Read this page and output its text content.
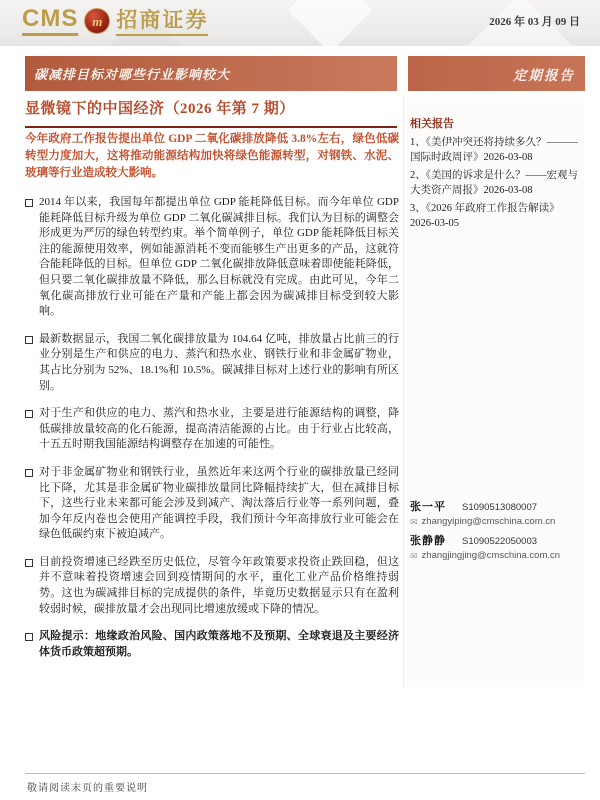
CMS m 招商证券	2026 年 03 月 09 日
碳减排目标对哪些行业影响较大	定期报告
显微镜下的中国经济（2026 年第 7 期）
今年政府工作报告提出单位 GDP 二氧化碳排放降低 3.8%左右，绿色低碳转型力度加大，这将推动能源结构加快将绿色能源转型，对钢铁、水泥、玻璃等行业造成较大影响。
2014 年以来，我国每年都提出单位 GDP 能耗降低目标。而今年单位 GDP 能耗降低目标升级为单位 GDP 二氧化碳减排目标。我们认为目标的调整会形成更为严厉的绿色转型约束。举个简单例子，单位 GDP 能耗降低目标关注的能源使用效率，例如能源消耗不变而能够生产出更多的产品，这就符合能耗降低的目标。但单位 GDP 二氧化碳排放降低意味着即使能耗降低，但只要二氧化碳排放量不降低，那么目标就没有完成。由此可见，今年二氧化碳高排放行业可能在产量和产能上都会因为碳减排目标受到较大影响。
最新数据显示，我国二氧化碳排放量为 104.64 亿吨，排放量占比前三的行业分别是生产和供应的电力、蒸汽和热水业、钢铁行业和非金属矿物业，其占比分别为 52%、18.1%和 10.5%。碳减排目标对上述行业的影响有所区别。
对于生产和供应的电力、蒸汽和热水业，主要是进行能源结构的调整，降低碳排放量较高的化石能源，提高清洁能源的占比。由于行业占比较高，十五五时期我国能源结构调整存在加速的可能性。
对于非金属矿物业和钢铁行业，虽然近年来这两个行业的碳排放量已经同比下降，尤其是非金属矿物业碳排放量同比降幅持续扩大，但在减排目标下，这些行业未来都可能会涉及到减产、淘汰落后行业等一系列问题，叠加今年反内卷也会使用产能调控手段，我们预计今年高排放行业可能会在绿色低碳约束下被迫减产。
目前投资增速已经跌至历史低位，尽管今年政策要求投资止跌回稳，但这并不意味着投资增速会回到疫情期间的水平，重化工业产品价格维持弱势。这也为碳减排目标的完成提供的条件，毕竟历史数据显示只有在盈利较弱时候，碳排放量才会出现同比增速放缓或下降的情况。
风险提示：地缘政治风险、国内政策落地不及预期、全球衰退及主要经济体货币政策超预期。
相关报告
1、《美伊冲突还将持续多久？———国际时政周评》2026-03-08
2、《美国的诉求是什么？——宏观与大类资产周报》2026-03-08
3、《2026 年政府工作报告解读》2026-03-05
张一平	S1090513080007
✉ zhangyiping@cmschina.com.cn
张静静	S1090522050003
✉ zhangjingjing@cmschina.com.cn
敬请阅读末页的重要说明
